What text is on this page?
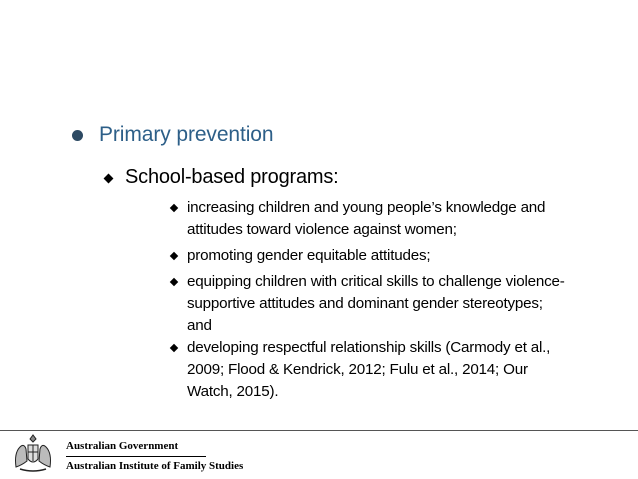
Primary prevention
School-based programs:
increasing children and young people’s knowledge and
attitudes toward violence against women;
promoting gender equitable attitudes;
equipping children with critical skills to challenge violence-
supportive attitudes and dominant gender stereotypes;
and
developing respectful relationship skills (Carmody et al.,
2009; Flood & Kendrick, 2012; Fulu et al., 2014; Our
Watch, 2015).
Australian Government
Australian Institute of Family Studies
